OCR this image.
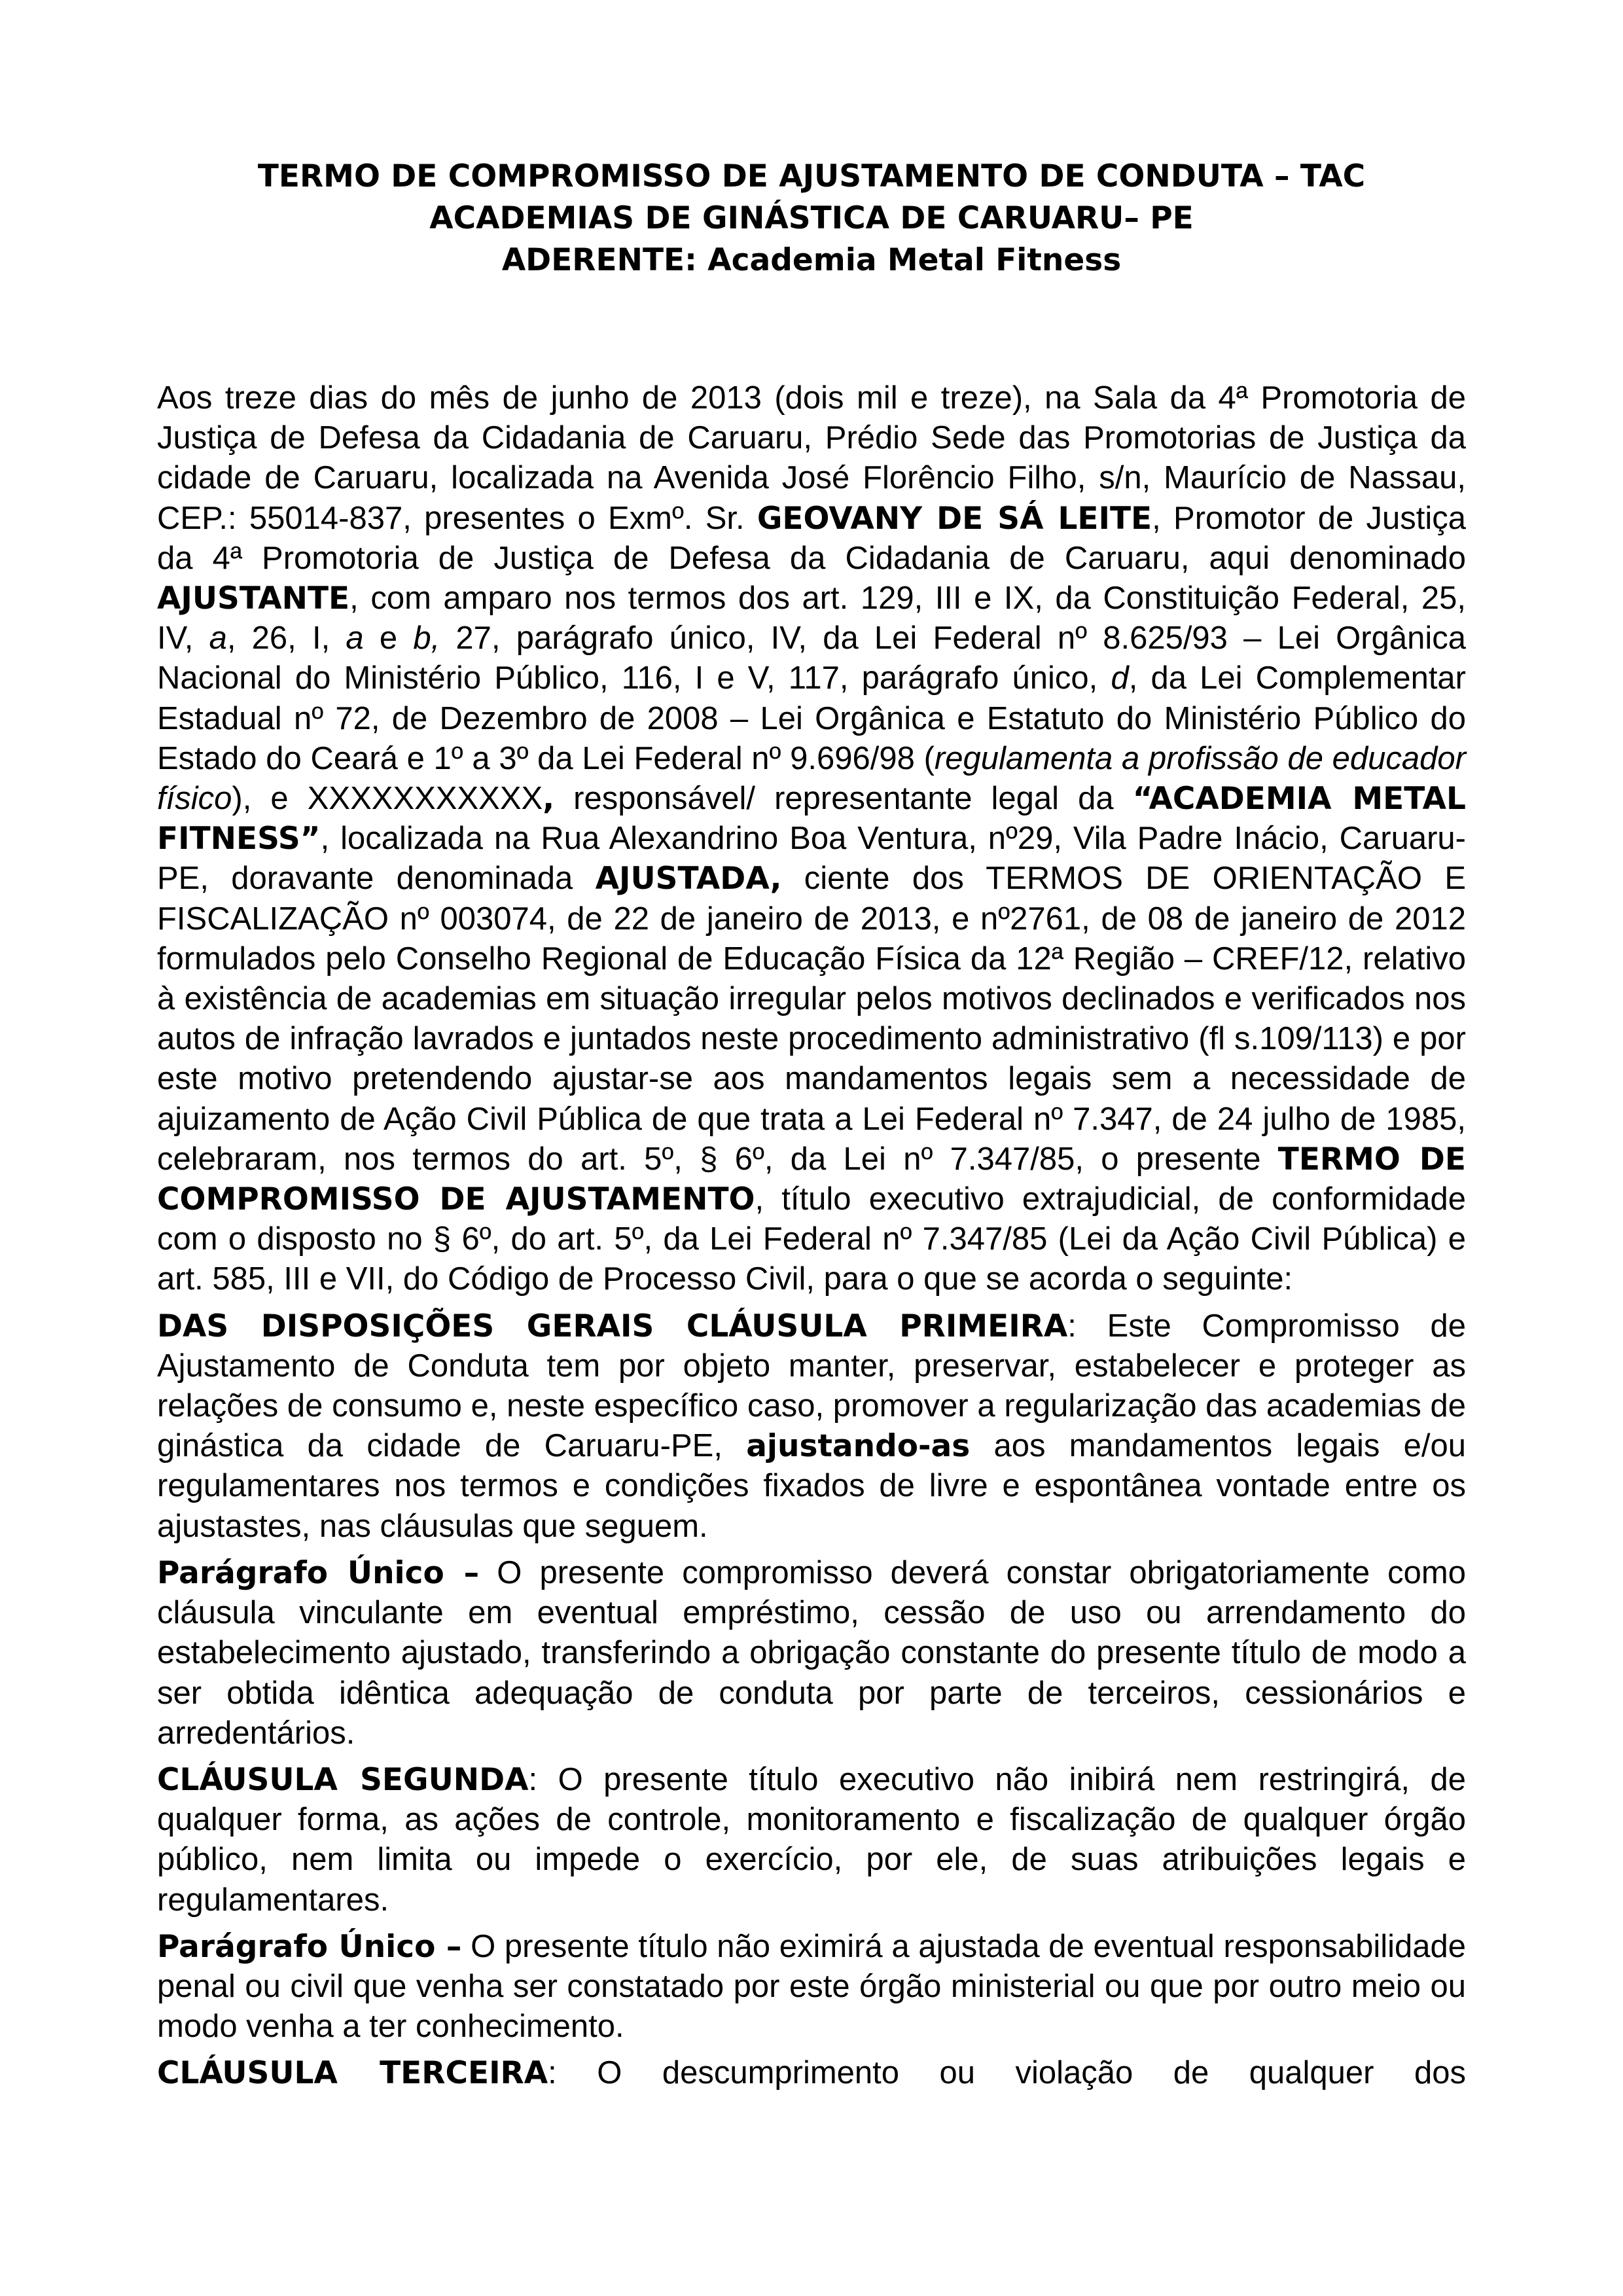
TERMO DE COMPROMISSO DE AJUSTAMENTO DE CONDUTA – TAC
ACADEMIAS DE GINÁSTICA DE CARUARU– PE
ADERENTE: Academia Metal Fitness

Aos treze dias do mês de junho de 2013 (dois mil e treze), na Sala da 4ª Promotoria de Justiça de Defesa da Cidadania de Caruaru, Prédio Sede das Promotorias de Justiça da cidade de Caruaru, localizada na Avenida José Florêncio Filho, s/n, Maurício de Nassau, CEP.: 55014-837, presentes o Exmº. Sr. GEOVANY DE SÁ LEITE, Promotor de Justiça da 4ª Promotoria de Justiça de Defesa da Cidadania de Caruaru, aqui denominado AJUSTANTE, com amparo nos termos dos art. 129, III e IX, da Constituição Federal, 25, IV, a, 26, I, a e b, 27, parágrafo único, IV, da Lei Federal nº 8.625/93 – Lei Orgânica Nacional do Ministério Público, 116, I e V, 117, parágrafo único, d, da Lei Complementar Estadual nº 72, de Dezembro de 2008 – Lei Orgânica e Estatuto do Ministério Público do Estado do Ceará e 1º a 3º da Lei Federal nº 9.696/98 (regulamenta a profissão de educador físico), e XXXXXXXXXXX, responsável/ representante legal da “ACADEMIA METAL FITNESS”, localizada na Rua Alexandrino Boa Ventura, nº29, Vila Padre Inácio, Caruaru-PE, doravante denominada AJUSTADA, ciente dos TERMOS DE ORIENTAÇÃO E FISCALIZAÇÃO nº 003074, de 22 de janeiro de 2013, e nº2761, de 08 de janeiro de 2012 formulados pelo Conselho Regional de Educação Física da 12ª Região – CREF/12, relativo à existência de academias em situação irregular pelos motivos declinados e verificados nos autos de infração lavrados e juntados neste procedimento administrativo (fl s.109/113) e por este motivo pretendendo ajustar-se aos mandamentos legais sem a necessidade de ajuizamento de Ação Civil Pública de que trata a Lei Federal nº 7.347, de 24 julho de 1985, celebraram, nos termos do art. 5º, § 6º, da Lei nº 7.347/85, o presente TERMO DE COMPROMISSO DE AJUSTAMENTO, título executivo extrajudicial, de conformidade com o disposto no § 6º, do art. 5º, da Lei Federal nº 7.347/85 (Lei da Ação Civil Pública) e art. 585, III e VII, do Código de Processo Civil, para o que se acorda o seguinte:

DAS DISPOSIÇÕES GERAIS CLÁUSULA PRIMEIRA: Este Compromisso de Ajustamento de Conduta tem por objeto manter, preservar, estabelecer e proteger as relações de consumo e, neste específico caso, promover a regularização das academias de ginástica da cidade de Caruaru-PE, ajustando-as aos mandamentos legais e/ou regulamentares nos termos e condições fixados de livre e espontânea vontade entre os ajustastes, nas cláusulas que seguem.

Parágrafo Único – O presente compromisso deverá constar obrigatoriamente como cláusula vinculante em eventual empréstimo, cessão de uso ou arrendamento do estabelecimento ajustado, transferindo a obrigação constante do presente título de modo a ser obtida idêntica adequação de conduta por parte de terceiros, cessionários e arredentários.

CLÁUSULA SEGUNDA: O presente título executivo não inibirá nem restringirá, de qualquer forma, as ações de controle, monitoramento e fiscalização de qualquer órgão público, nem limita ou impede o exercício, por ele, de suas atribuições legais e regulamentares.

Parágrafo Único – O presente título não eximirá a ajustada de eventual responsabilidade penal ou civil que venha ser constatado por este órgão ministerial ou que por outro meio ou modo venha a ter conhecimento.

CLÁUSULA TERCEIRA: O descumprimento ou violação de qualquer dos
